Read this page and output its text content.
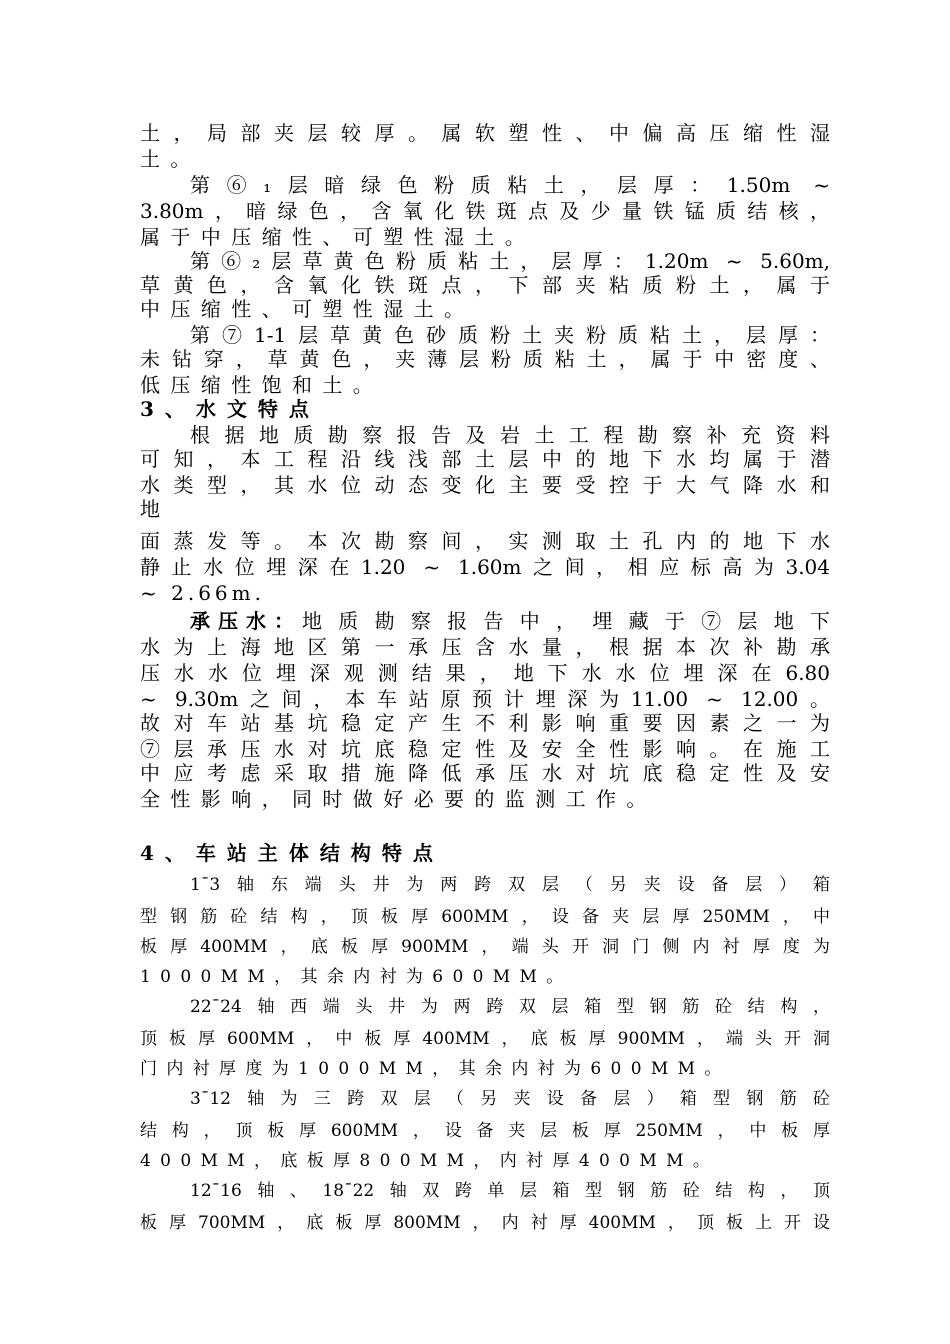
土，局部夹层较厚。属软塑性、中偏高压缩性湿
土。
第⑥₁层暗绿色粉质粘土，层厚：1.50m ~
3.80m，暗绿色，含氧化铁斑点及少量铁锰质结核，
属于中压缩性、可塑性湿土。
第⑥₂层草黄色粉质粘土，层厚：1.20m ~ 5.60m,
草黄色，含氧化铁斑点，下部夹粘质粉土，属于
中压缩性、可塑性湿土。
第⑦1-1层草黄色砂质粉土夹粉质粘土，层厚：
未钻穿，草黄色，夹薄层粉质粘土，属于中密度、
低压缩性饱和土。
3、水文特点
根据地质勘察报告及岩土工程勘察补充资料
可知，本工程沿线浅部土层中的地下水均属于潜
水类型，其水位动态变化主要受控于大气降水和
地
面蒸发等。本次勘察间，实测取土孔内的地下水
静止水位埋深在1.20 ~ 1.60m之间，相应标高为3.04
~ 2.66m.
承压水： 地质勘察报告中，埋藏于⑦层地下
水为上海地区第一承压含水量，根据本次补勘承
压水水位埋深观测结果，地下水水位埋深在6.80
~ 9.30m之间，本车站原预计埋深为11.00 ~ 12.00。
故对车站基坑稳定产生不利影响重要因素之一为
⑦层承压水对坑底稳定性及安全性影响。在施工
中应考虑采取措施降低承压水对坑底稳定性及安
全性影响，同时做好必要的监测工作。
4、车站主体结构特点
1¯3轴东端头井为两跨双层（另夹设备层）箱
型钢筋砼结构，顶板厚600MM，设备夹层厚250MM，中
板厚400MM，底板厚900MM，端头开洞门侧内衬厚度为
1000MM，其余内衬为600MM。
22¯24轴西端头井为两跨双层箱型钢筋砼结构，
顶板厚600MM，中板厚400MM，底板厚900MM，端头开洞
门内衬厚度为1000MM，其余内衬为600MM。
3¯12轴为三跨双层（另夹设备层）箱型钢筋砼
结构，顶板厚600MM，设备夹层板厚250MM，中板厚
400MM，底板厚800MM，内衬厚400MM。
12¯16轴、18¯22轴双跨单层箱型钢筋砼结构，顶
板厚700MM，底板厚800MM，内衬厚400MM，顶板上开设
